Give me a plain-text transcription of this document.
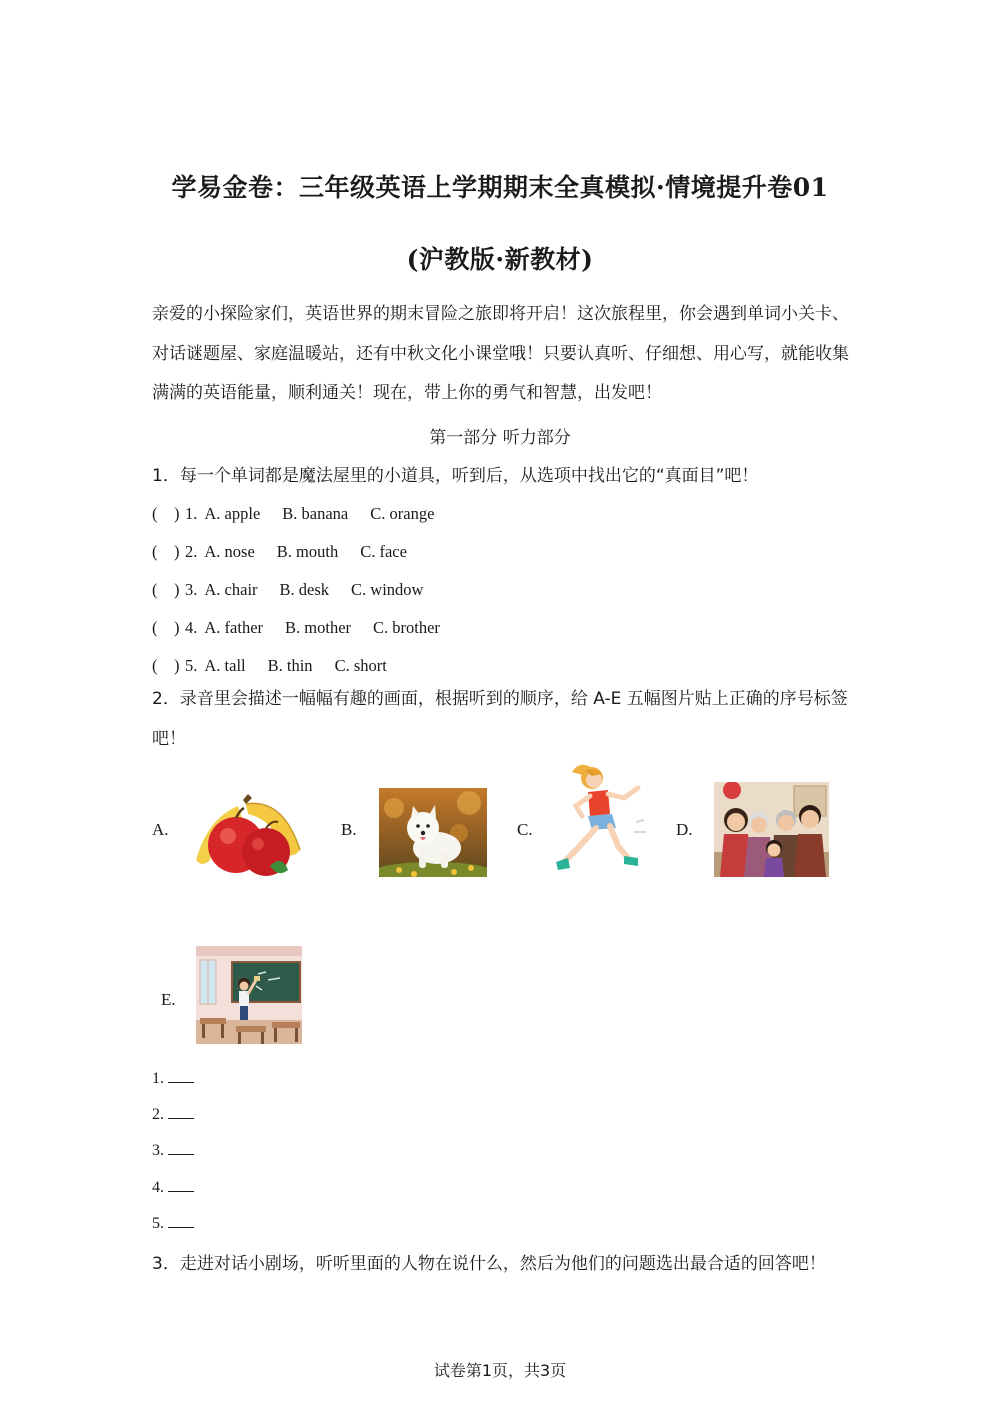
学易金卷：三年级英语上学期期末全真模拟·情境提升卷01
(沪教版·新教材)
亲爱的小探险家们，英语世界的期末冒险之旅即将开启！这次旅程里，你会遇到单词小关卡、对话谜题屋、家庭温暖站，还有中秋文化小课堂哦！只要认真听、仔细想、用心写，就能收集满满的英语能量，顺利通关！现在，带上你的勇气和智慧，出发吧！
第一部分 听力部分
1．每一个单词都是魔法屋里的小道具，听到后，从选项中找出它的“真面目”吧！
(　) 1. A. apple B. banana C. orange
(　) 2. A. nose B. mouth C. face
(　) 3. A. chair B. desk C. window
(　) 4. A. father B. mother C. brother
(　) 5. A. tall B. thin C. short
2．录音里会描述一幅幅有趣的画面，根据听到的顺序，给 A-E 五幅图片贴上正确的序号标签吧！
A.	B.	C.	D.
E.
1.
2.
3.
4.
5.
3．走进对话小剧场，听听里面的人物在说什么，然后为他们的问题选出最合适的回答吧！
试卷第1页，共3页
